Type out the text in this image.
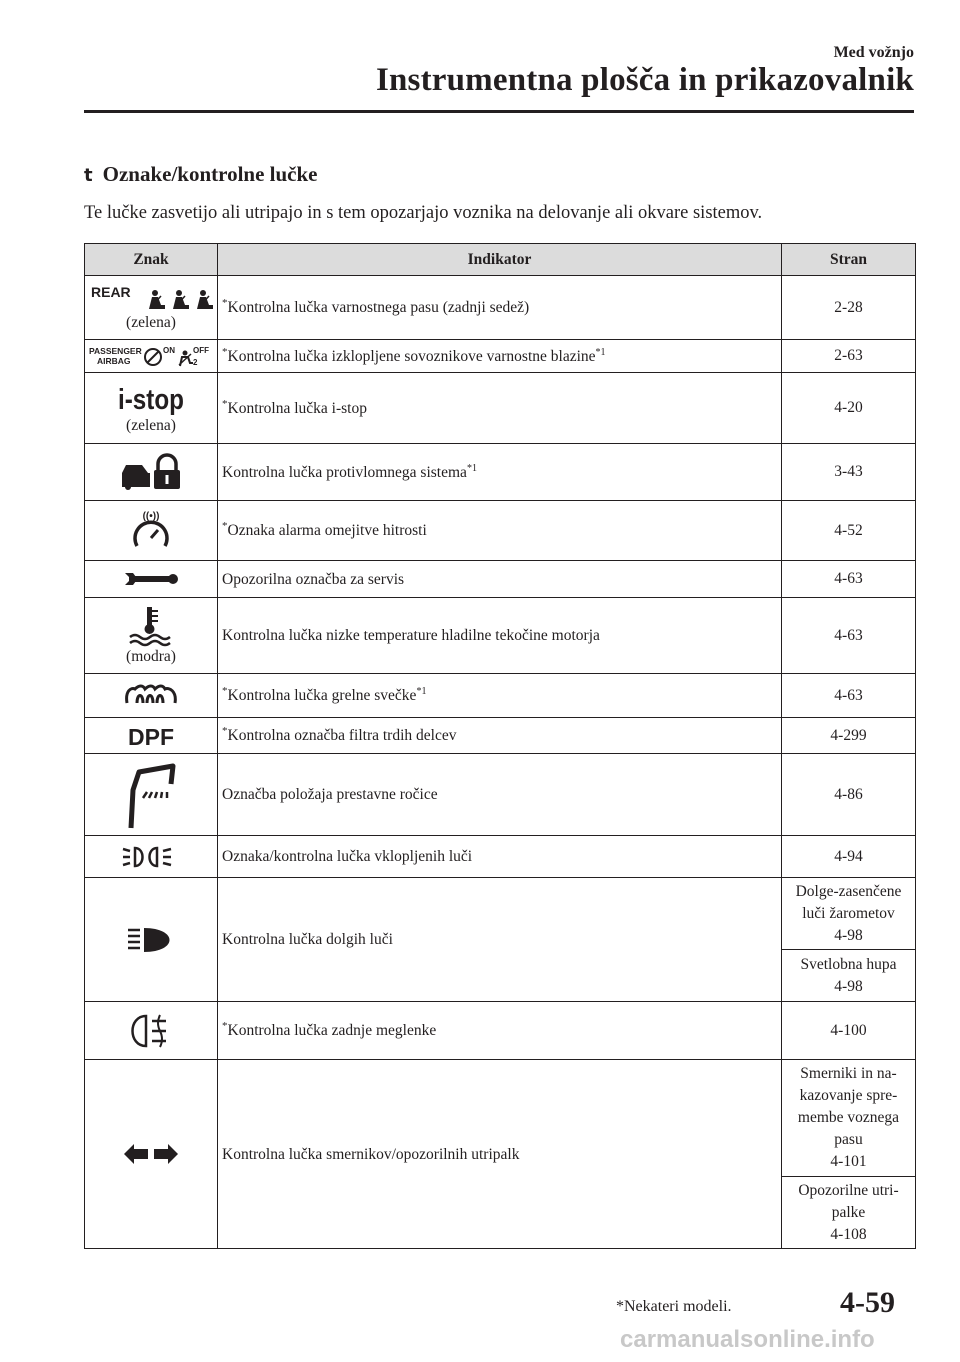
Med vožnjo
Instrumentna plošča in prikazovalnik
t Oznake/kontrolne lučke
Te lučke zasvetijo ali utripajo in s tem opozarjajo voznika na delovanje ali okvare sistemov.
Znak	Indikator	Stran

REAR
(zelena)	*Kontrolna lučka varnostnega pasu (zadnji sedež)	2-28

PASSENGER
AIRBAG
ON OFF
2	*Kontrolna lučka izklopljene sovoznikove varnostne blazine$^{*1}$	2-63

i-stop
(zelena)	*Kontrolna lučka i-stop	4-20
	Kontrolna lučka protivlomnega sistema$^{*1}$	3-43

((•))	*Oznaka alarma omejitve hitrosti	4-52
	Opozorilna označba za servis	4-63

(modra)	Kontrolna lučka nizke temperature hladilne tekočine motorja	4-63
	*Kontrolna lučka grelne svečke$^{*1}$	4-63

DPF	*Kontrolna označba filtra trdih delcev	4-299
	Označba položaja prestavne ročice	4-86
	Oznaka/kontrolna lučka vklopljenih luči	4-94
	Kontrolna lučka dolgih luči	Dolge-zasenčene
luči žarometov
4-98
		Svetlobna hupa
4-98
	*Kontrolna lučka zadnje meglenke	4-100
	Kontrolna lučka smernikov/opozorilnih utripalk	Smerniki in na-
kazovanje spre-
membe voznega
pasu
4-101
		Opozorilne utri-
palke
4-108
*Nekateri modeli.	4-59
carmanualsonline.info
